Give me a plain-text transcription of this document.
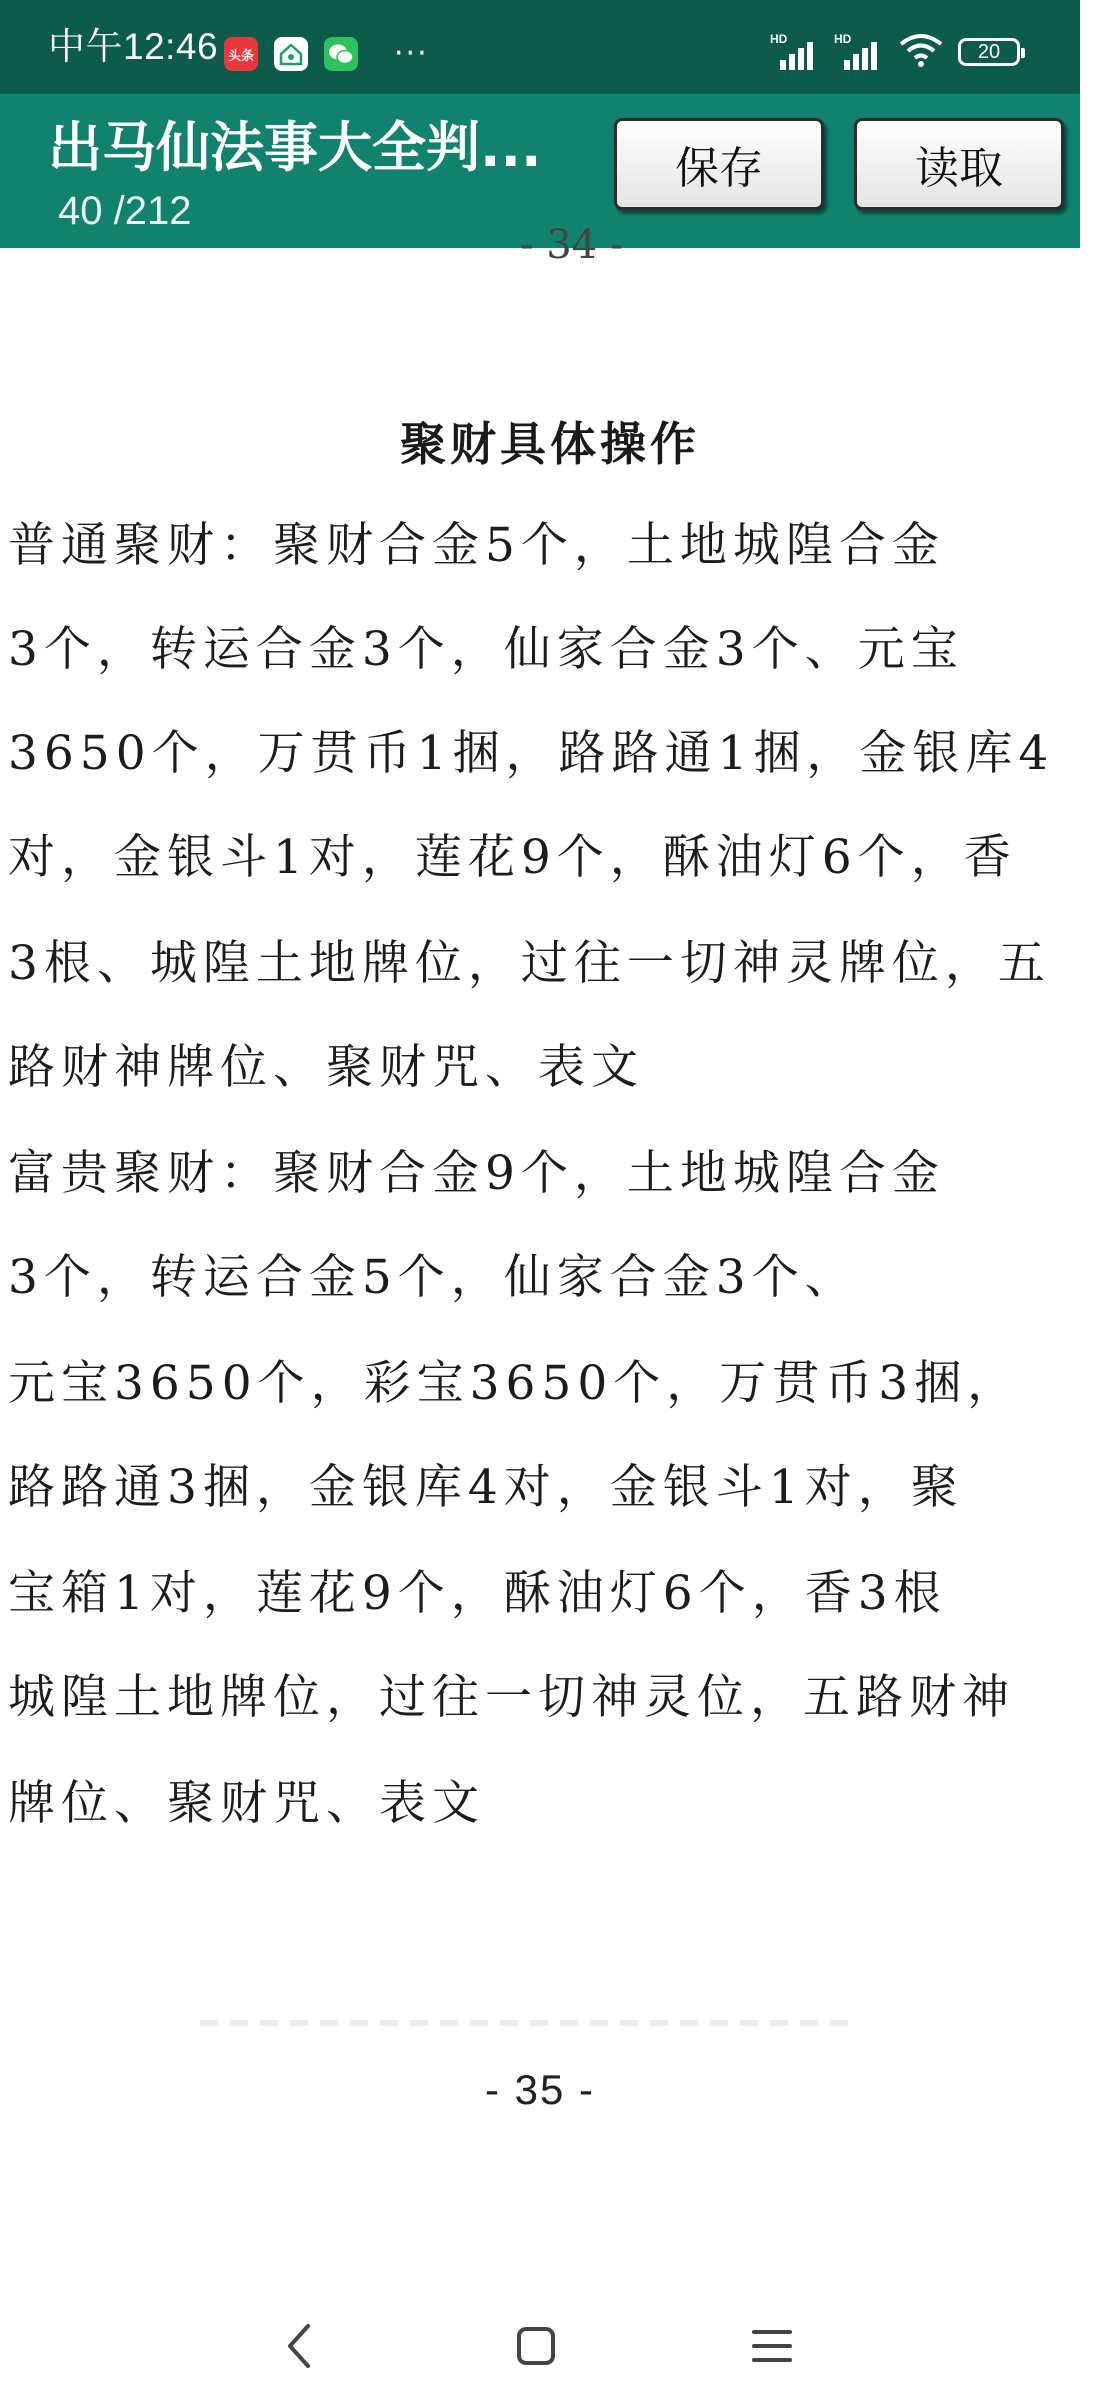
中午12:46 头条	···	HD	HD
20
出马仙法事大全判...
40 /212
保存	读取
- 34 -
聚财具体操作
普通聚财：聚财合金5个，土地城隍合金
3个，转运合金3个，仙家合金3个、元宝
3650个，万贯币1捆，路路通1捆，金银库4
对，金银斗1对，莲花9个，酥油灯6个，香
3根、城隍土地牌位，过往一切神灵牌位，五
路财神牌位、聚财咒、表文
富贵聚财：聚财合金9个，土地城隍合金
3个，转运合金5个，仙家合金3个、
元宝3650个，彩宝3650个，万贯币3捆，
路路通3捆，金银库4对，金银斗1对，聚
宝箱1对，莲花9个，酥油灯6个，香3根
城隍土地牌位，过往一切神灵位，五路财神
牌位、聚财咒、表文
- 35 -
